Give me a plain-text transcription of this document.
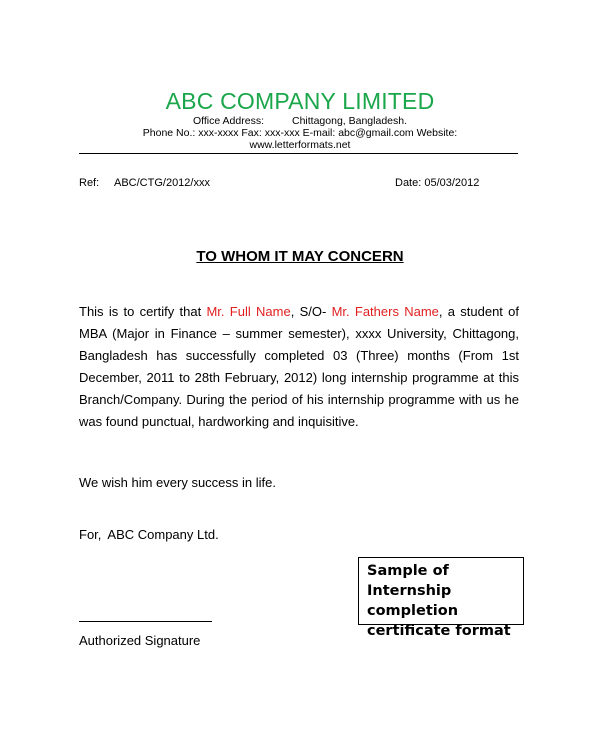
ABC COMPANY LIMITED
Office Address:	Chittagong, Bangladesh.
Phone No.: xxx-xxxx Fax: xxx-xxx E-mail: abc@gmail.com Website:
www.letterformats.net
Ref: ABC/CTG/2012/xxx	Date: 05/03/2012
TO WHOM IT MAY CONCERN
This is to certify that Mr. Full Name, S/O- Mr. Fathers Name, a student of MBA (Major in Finance – summer semester), xxxx University, Chittagong, Bangladesh has successfully completed 03 (Three) months (From 1st December, 2011 to 28th February, 2012) long internship programme at this Branch/Company. During the period of his internship programme with us he was found punctual, hardworking and inquisitive.
We wish him every success in life.
For, ABC Company Ltd.
Authorized Signature
Sample of
Internship
completion
certificate format
